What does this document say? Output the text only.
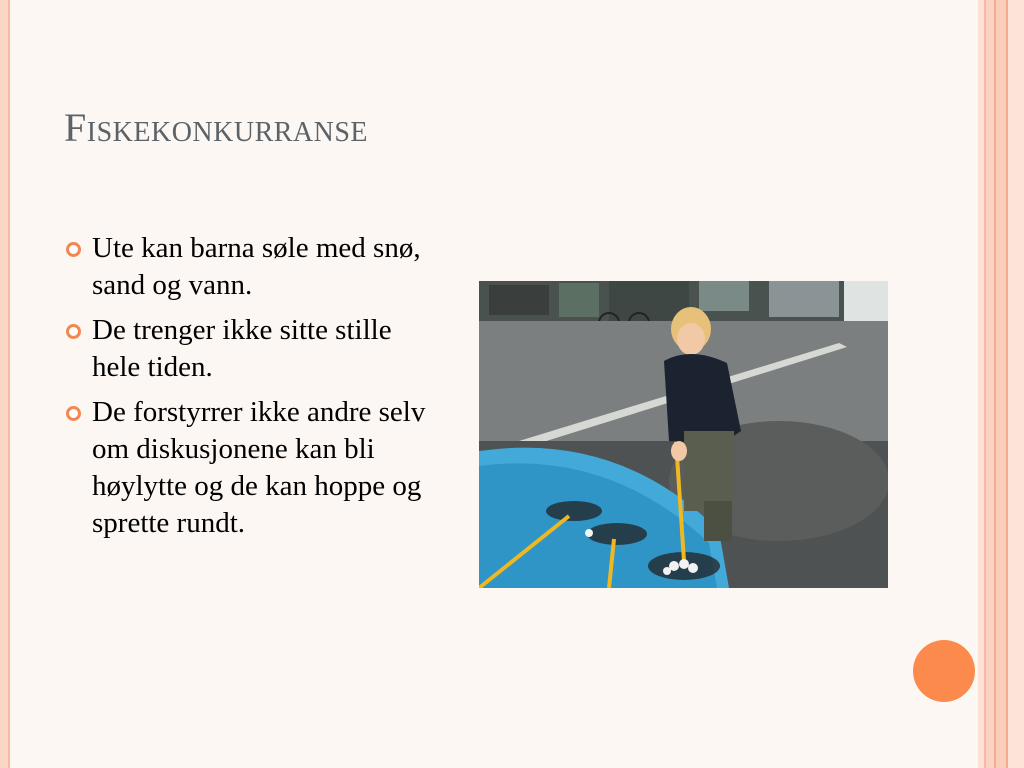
Fiskekonkurranse
Ute kan barna søle med snø, sand og vann.
De trenger ikke sitte stille hele tiden.
De forstyrrer ikke andre selv om diskusjonene kan bli høylytte og de kan hoppe og sprette rundt.
